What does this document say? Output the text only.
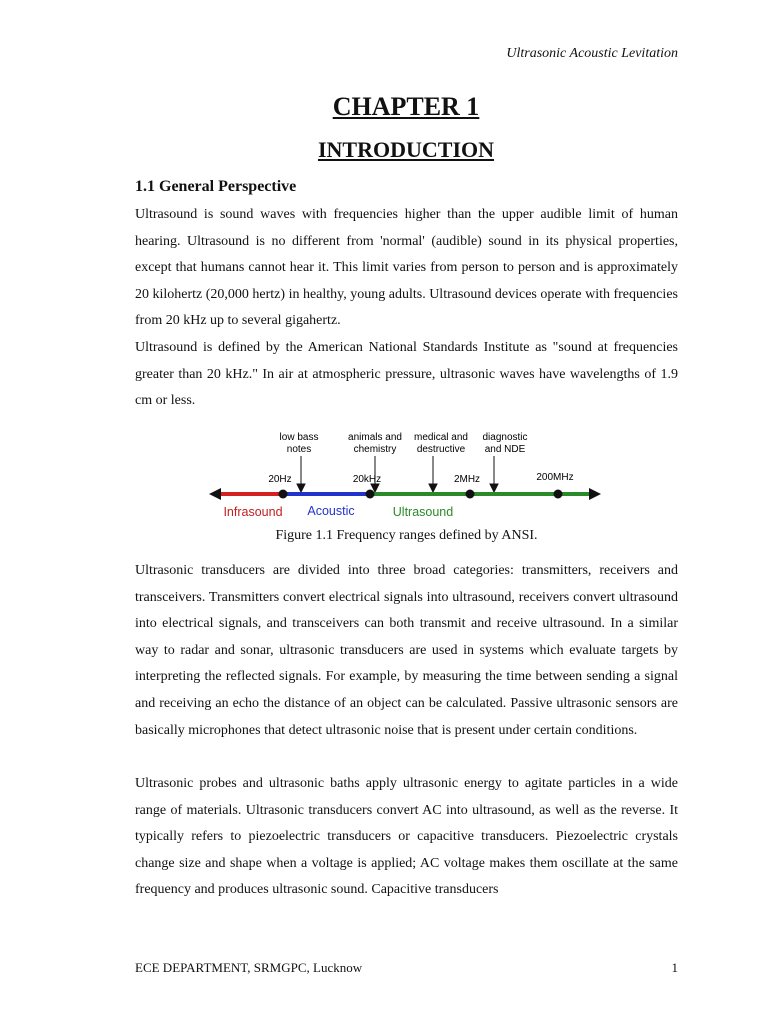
Ultrasonic Acoustic Levitation
CHAPTER 1
INTRODUCTION
1.1 General Perspective

Ultrasound is sound waves with frequencies higher than the upper audible limit of human hearing. Ultrasound is no different from 'normal' (audible) sound in its physical properties, except that humans cannot hear it. This limit varies from person to person and is approximately 20 kilohertz (20,000 hertz) in healthy, young adults. Ultrasound devices operate with frequencies from 20 kHz up to several gigahertz.

Ultrasound is defined by the American National Standards Institute as "sound at frequencies greater than 20 kHz." In air at atmospheric pressure, ultrasonic waves have wavelengths of 1.9 cm or less.

low bass
notes
animals and
chemistry
medical and
destructive
diagnostic
and NDE
20Hz	20kHz	2MHz	200MHz
Infrasound Acoustic	Ultrasound
Figure 1.1 Frequency ranges defined by ANSI.

Ultrasonic transducers are divided into three broad categories: transmitters, receivers and transceivers. Transmitters convert electrical signals into ultrasound, receivers convert ultrasound into electrical signals, and transceivers can both transmit and receive ultrasound. In a similar way to radar and sonar, ultrasonic transducers are used in systems which evaluate targets by interpreting the reflected signals. For example, by measuring the time between sending a signal and receiving an echo the distance of an object can be calculated. Passive ultrasonic sensors are basically microphones that detect ultrasonic noise that is present under certain conditions.

Ultrasonic probes and ultrasonic baths apply ultrasonic energy to agitate particles in a wide range of materials. Ultrasonic transducers convert AC into ultrasound, as well as the reverse. It typically refers to piezoelectric transducers or capacitive transducers. Piezoelectric crystals change size and shape when a voltage is applied; AC voltage makes them oscillate at the same frequency and produces ultrasonic sound. Capacitive transducers

ECE DEPARTMENT, SRMGPC, Lucknow	1
